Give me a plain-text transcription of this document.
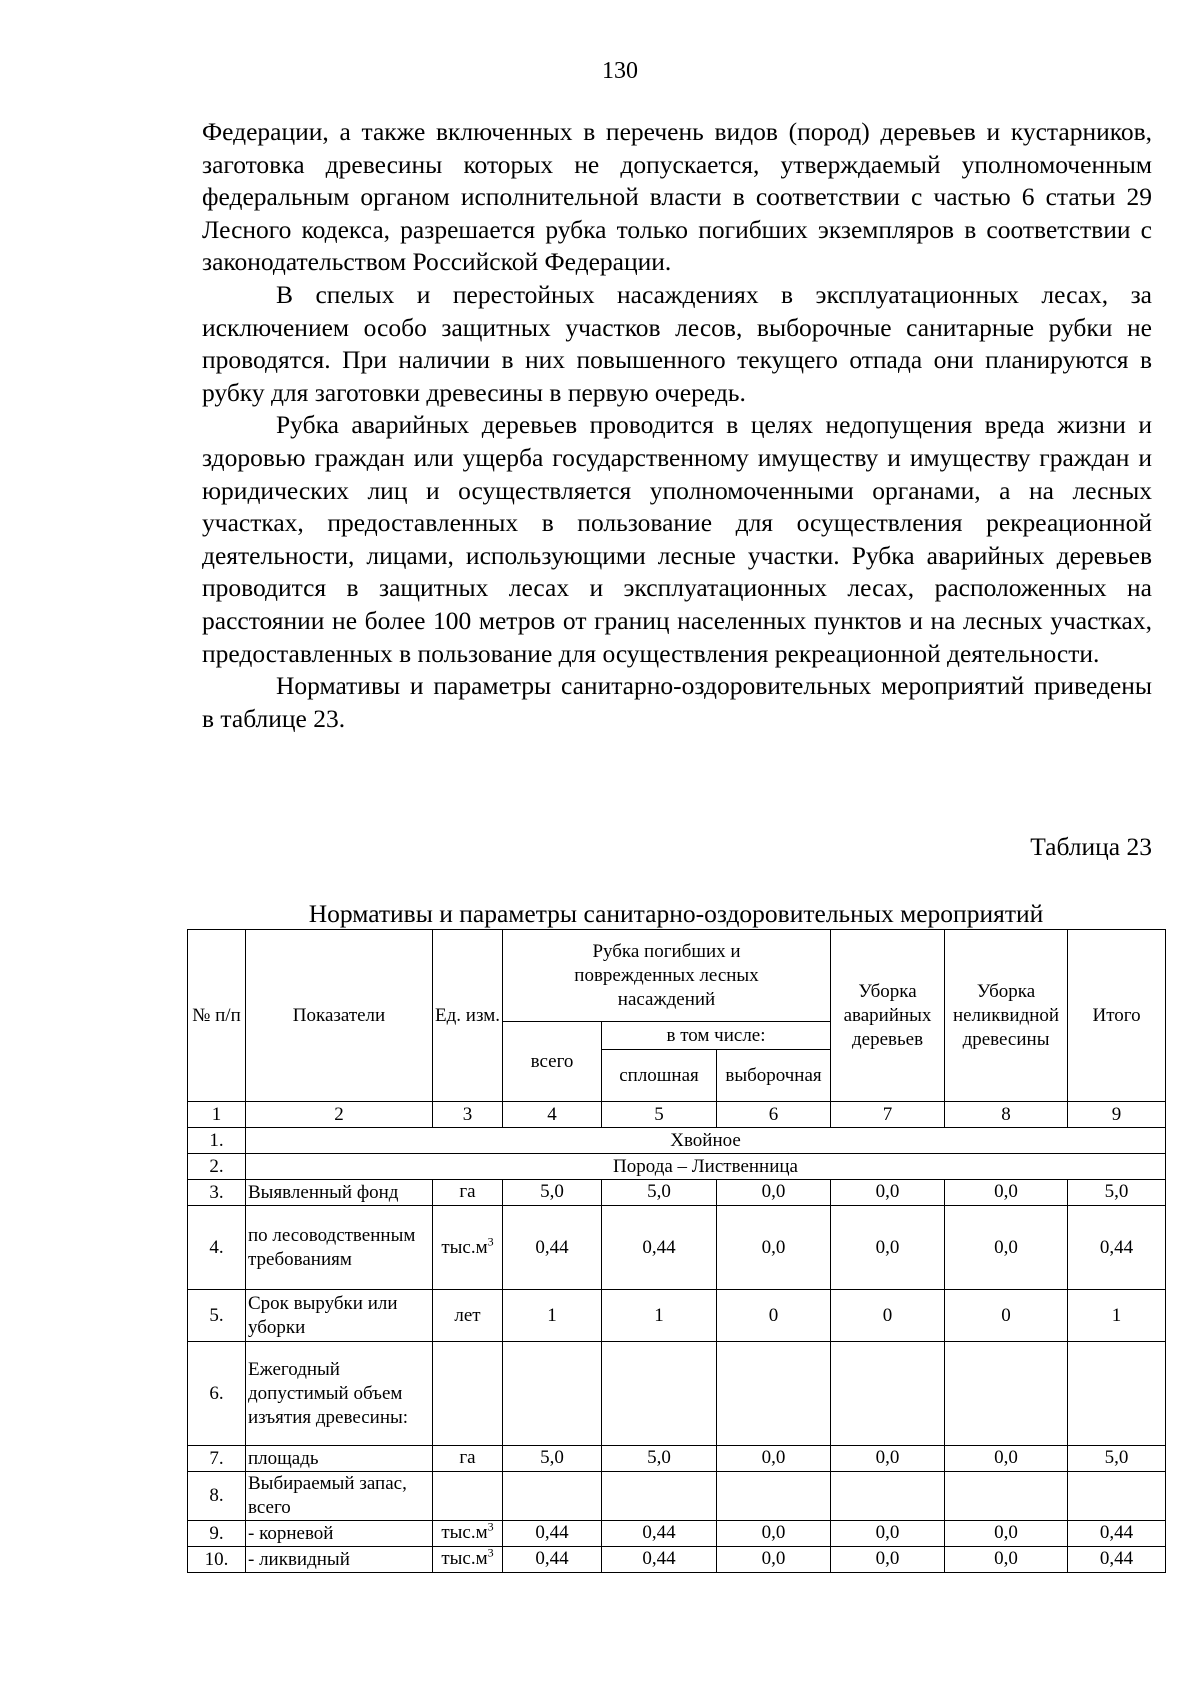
130

Федерации, а также включенных в перечень видов (пород) деревьев и кустарников, заготовка древесины которых не допускается, утверждаемый уполномоченным федеральным органом исполнительной власти в соответствии с частью 6 статьи 29 Лесного кодекса, разрешается рубка только погибших экземпляров в соответствии с законодательством Российской Федерации.

В спелых и перестойных насаждениях в эксплуатационных лесах, за исключением особо защитных участков лесов, выборочные санитарные рубки не проводятся. При наличии в них повышенного текущего отпада они планируются в рубку для заготовки древесины в первую очередь.

Рубка аварийных деревьев проводится в целях недопущения вреда жизни и здоровью граждан или ущерба государственному имуществу и имуществу граждан и юридических лиц и осуществляется уполномоченными органами, а на лесных участках, предоставленных в пользование для осуществления рекреационной деятельности, лицами, использующими лесные участки. Рубка аварийных деревьев проводится в защитных лесах и эксплуатационных лесах, расположенных на расстоянии не более 100 метров от границ населенных пунктов и на лесных участках, предоставленных в пользование для осуществления рекреационной деятельности.

Нормативы и параметры санитарно-оздоровительных мероприятий приведены в таблице 23.

Таблица 23
Нормативы и параметры санитарно-оздоровительных мероприятий
№ п/п	Показатели	Ед. изм.	Рубка погибших и поврежденных лесных насаждений			Уборка аварийных деревьев	Уборка неликвидной древесины	Итого
			всего	в том числе:				
				сплошная	выборочная			
1	2	3	4	5	6	7	8	9
1.	Хвойное							
2.	Порода – Лиственница							
3.	Выявленный фонд	га	5,0	5,0	0,0	0,0	0,0	5,0
4.	по лесоводственным требованиям	$тыс.м^3$	0,44	0,44	0,0	0,0	0,0	0,44
5.	Срок вырубки или уборки	лет	1	1	0	0	0	1
6.	Ежегодный допустимый объем изъятия древесины:							
7.	площадь	га	5,0	5,0	0,0	0,0	0,0	5,0
8.	Выбираемый запас, всего							
9.	- корневой	$тыс.м^3$	0,44	0,44	0,0	0,0	0,0	0,44
10.	- ликвидный	$тыс.м^3$	0,44	0,44	0,0	0,0	0,0	0,44
